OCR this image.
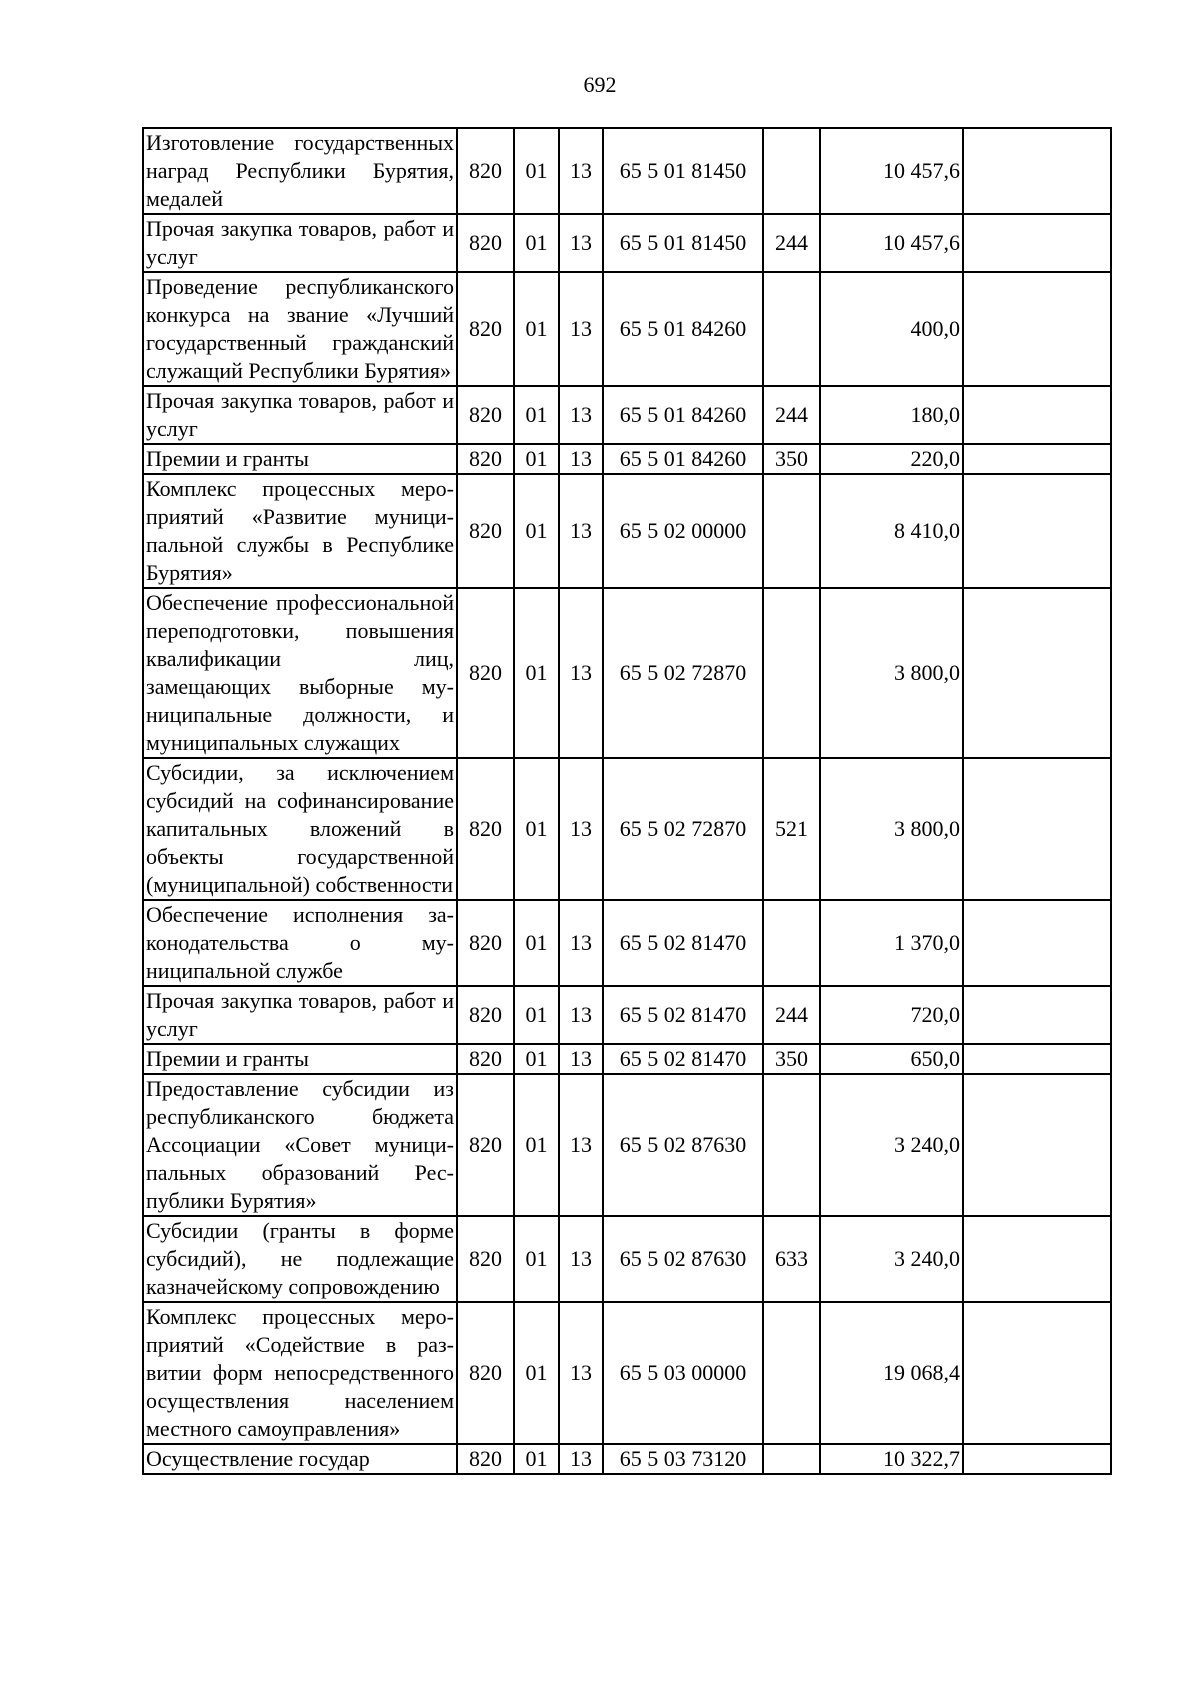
692
Изготовление государственных наград Республики Бурятия, медалей	820	01	13	65 5 01 81450		10 457,6	
Прочая закупка товаров, работ и услуг	820	01	13	65 5 01 81450	244	10 457,6	
Проведение республиканского конкурса на звание «Лучший государственный гражданский служащий Республики Бурятия»	820	01	13	65 5 01 84260		400,0	
Прочая закупка товаров, работ и услуг	820	01	13	65 5 01 84260	244	180,0	
Премии и гранты	820	01	13	65 5 01 84260	350	220,0	
Комплекс процессных мероприятий «Развитие муниципальной службы в Республике Бурятия»	820	01	13	65 5 02 00000		8 410,0	
Обеспечение профессиональной переподготовки, повышения квалификации лиц, замещающих выборные муниципальные должности, и муниципальных служащих	820	01	13	65 5 02 72870		3 800,0	
Субсидии, за исключением субсидий на софинансирование капитальных вложений в объекты государственной (муниципальной) собственности	820	01	13	65 5 02 72870	521	3 800,0	
Обеспечение исполнения законодательства о муниципальной службе	820	01	13	65 5 02 81470		1 370,0	
Прочая закупка товаров, работ и услуг	820	01	13	65 5 02 81470	244	720,0	
Премии и гранты	820	01	13	65 5 02 81470	350	650,0	
Предоставление субсидии из республиканского бюджета Ассоциации «Совет муниципальных образований Республики Бурятия»	820	01	13	65 5 02 87630		3 240,0	
Субсидии (гранты в форме субсидий), не подлежащие казначейскому сопровождению	820	01	13	65 5 02 87630	633	3 240,0	
Комплекс процессных мероприятий «Содействие в развитии форм непосредственного осуществления населением местного самоуправления»	820	01	13	65 5 03 00000		19 068,4	
Осуществление государ	820	01	13	65 5 03 73120		10 322,7	
